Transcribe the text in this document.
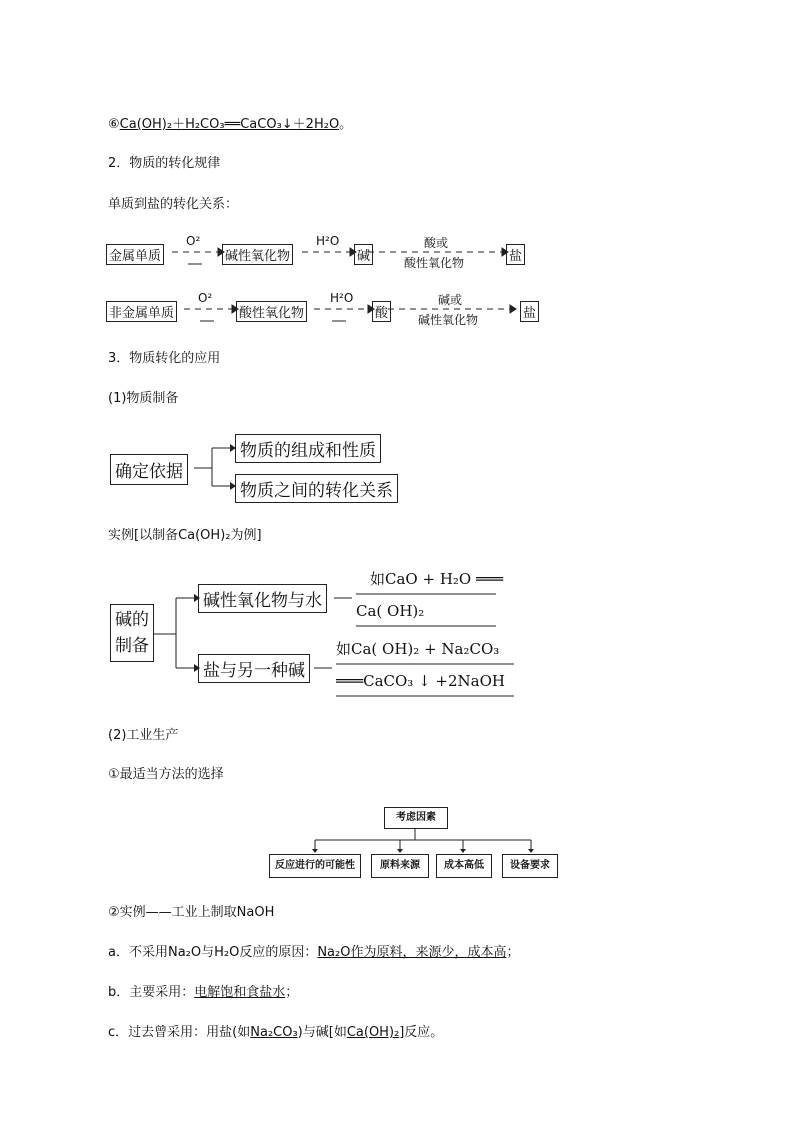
⑥Ca(OH)₂＋H₂CO₃══CaCO₃↓＋2H₂O。
2．物质的转化规律
单质到盐的转化关系：
金属单质
O²
碱性氧化物
H²O
碱
酸或
酸性氧化物	盐
非金属单质
O²
酸性氧化物
H²O
酸
碱或
碱性氧化物	盐
3．物质转化的应用
(1)物质制备
确定依据
物质的组成和性质
物质之间的转化关系
实例[以制备Ca(OH)₂为例]
碱的
制备
碱性氧化物与水
如CaO + H₂O ═══
Ca( OH)₂
盐与另一种碱
如Ca( OH)₂ + Na₂CO₃
═══CaCO₃ ↓ +2NaOH
(2)工业生产
①最适当方法的选择
考虑因素
反应进行的可能性	原料来源	成本高低	设备要求
②实例——工业上制取NaOH
a．不采用Na₂O与H₂O反应的原因：Na₂O作为原料，来源少，成本高；
b．主要采用：电解饱和食盐水；
c．过去曾采用：用盐(如Na₂CO₃)与碱[如Ca(OH)₂]反应。
